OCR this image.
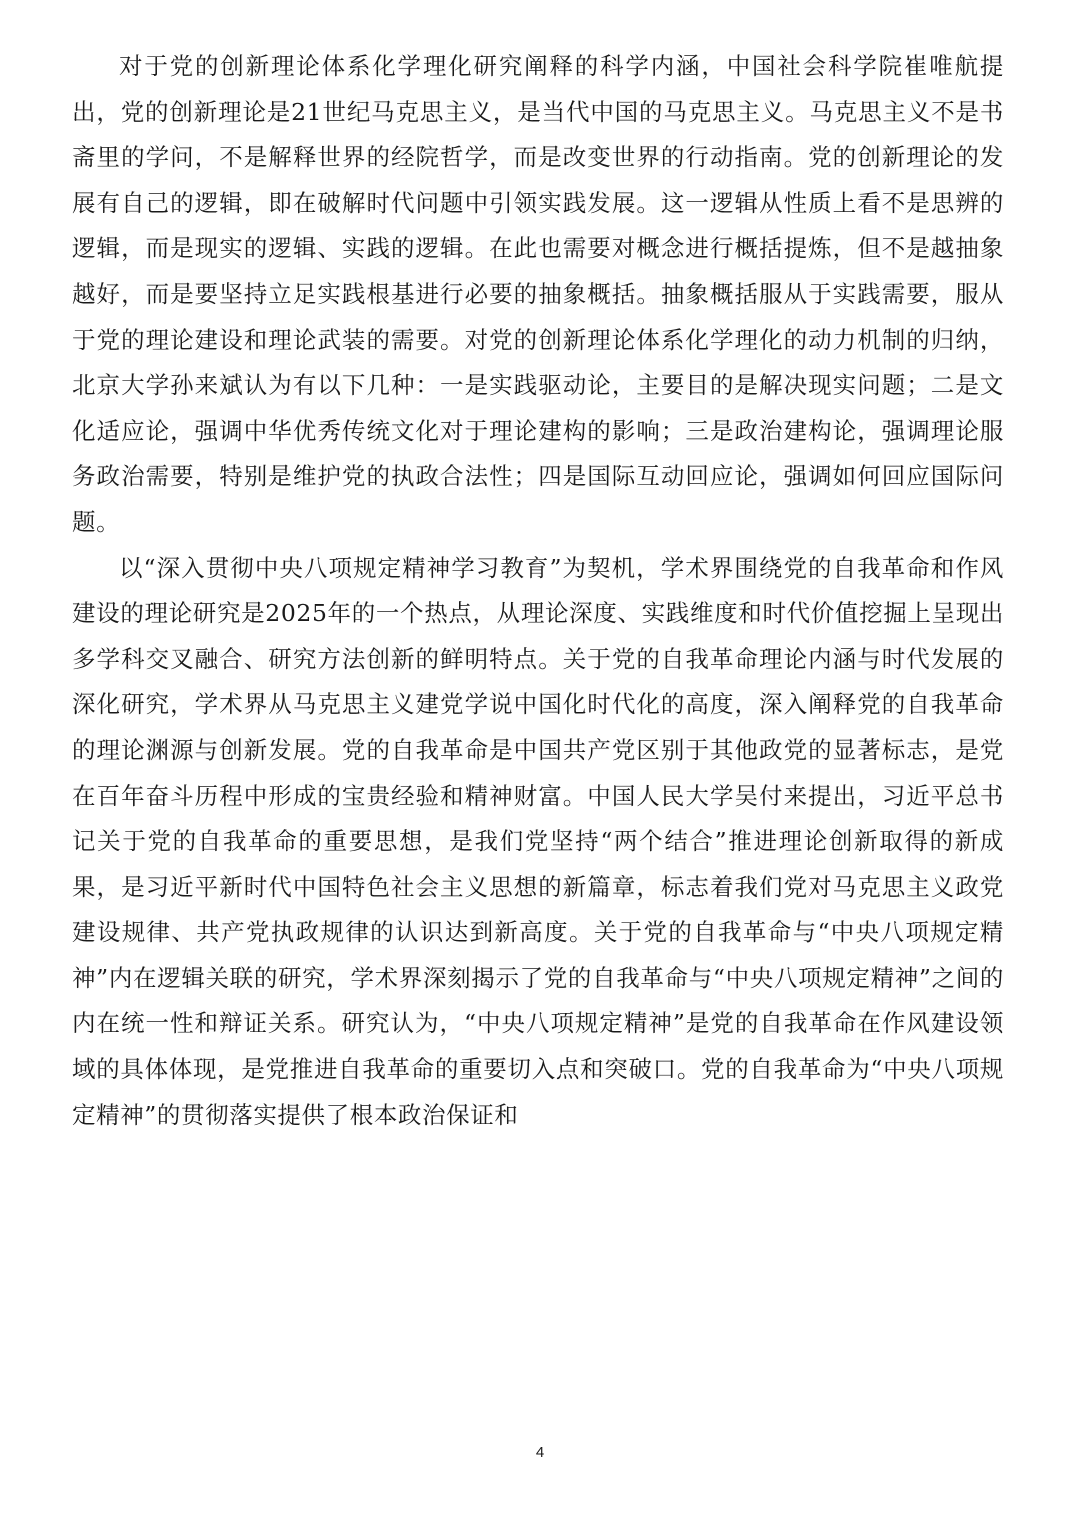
对于党的创新理论体系化学理化研究阐释的科学内涵，中国社会科学院崔唯航提出，党的创新理论是21世纪马克思主义，是当代中国的马克思主义。马克思主义不是书斋里的学问，不是解释世界的经院哲学，而是改变世界的行动指南。党的创新理论的发展有自己的逻辑，即在破解时代问题中引领实践发展。这一逻辑从性质上看不是思辨的逻辑，而是现实的逻辑、实践的逻辑。在此也需要对概念进行概括提炼，但不是越抽象越好，而是要坚持立足实践根基进行必要的抽象概括。抽象概括服从于实践需要，服从于党的理论建设和理论武装的需要。对党的创新理论体系化学理化的动力机制的归纳，北京大学孙来斌认为有以下几种：一是实践驱动论，主要目的是解决现实问题；二是文化适应论，强调中华优秀传统文化对于理论建构的影响；三是政治建构论，强调理论服务政治需要，特别是维护党的执政合法性；四是国际互动回应论，强调如何回应国际问题。

以“深入贯彻中央八项规定精神学习教育”为契机，学术界围绕党的自我革命和作风建设的理论研究是2025年的一个热点，从理论深度、实践维度和时代价值挖掘上呈现出多学科交叉融合、研究方法创新的鲜明特点。关于党的自我革命理论内涵与时代发展的深化研究，学术界从马克思主义建党学说中国化时代化的高度，深入阐释党的自我革命的理论渊源与创新发展。党的自我革命是中国共产党区别于其他政党的显著标志，是党在百年奋斗历程中形成的宝贵经验和精神财富。中国人民大学吴付来提出，习近平总书记关于党的自我革命的重要思想，是我们党坚持“两个结合”推进理论创新取得的新成果，是习近平新时代中国特色社会主义思想的新篇章，标志着我们党对马克思主义政党建设规律、共产党执政规律的认识达到新高度。关于党的自我革命与“中央八项规定精神”内在逻辑关联的研究，学术界深刻揭示了党的自我革命与“中央八项规定精神”之间的内在统一性和辩证关系。研究认为，“中央八项规定精神”是党的自我革命在作风建设领域的具体体现，是党推进自我革命的重要切入点和突破口。党的自我革命为“中央八项规定精神”的贯彻落实提供了根本政治保证和

4
